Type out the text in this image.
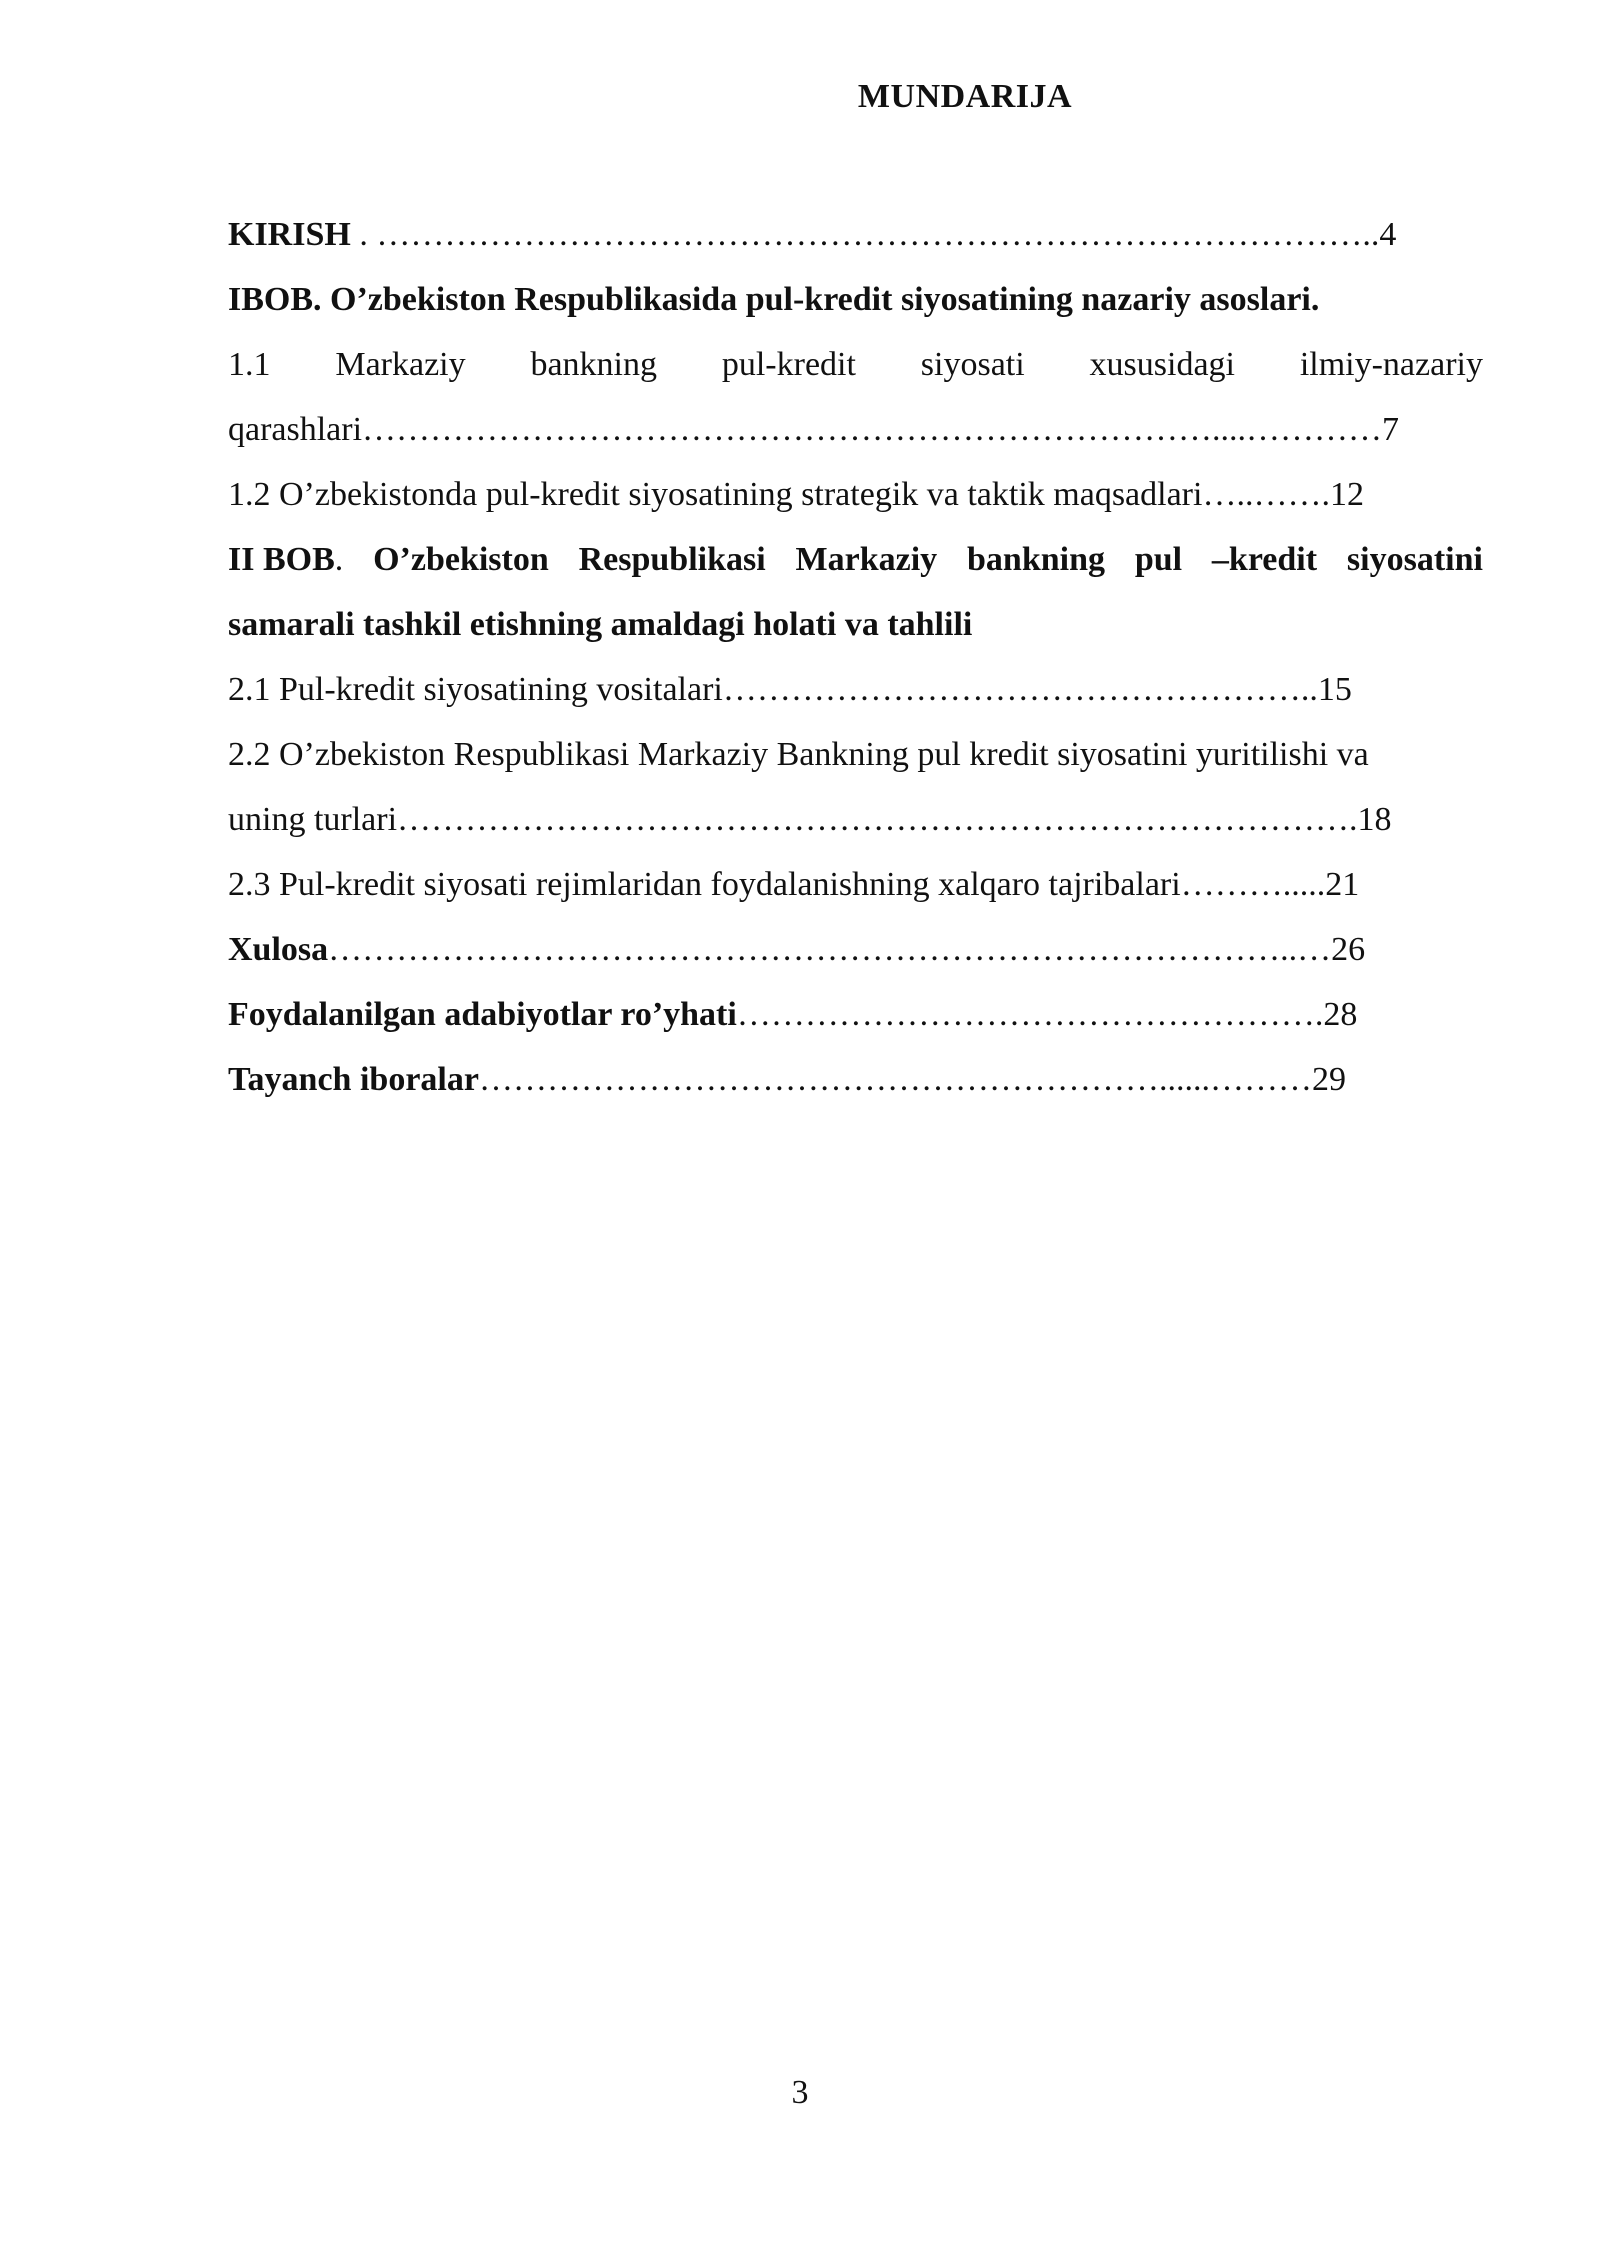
MUNDARIJA
KIRISH . ……………………………………………………………………………..4
IBOB. O’zbekiston Respublikasida pul-kredit siyosatining nazariy asoslari.
1.1 Markaziy bankning pul-kredit siyosati xususidagi ilmiy-nazariy
qarashlari…………………………………………………………………....…………7
1.2 O’zbekistonda pul-kredit siyosatining strategik va taktik maqsadlari…..…….12
II BOB. O’zbekiston Respublikasi Markaziy bankning pul –kredit siyosatini
samarali tashkil etishning amaldagi holati va tahlili
2.1 Pul-kredit siyosatining vositalari……………………………………………..15
2.2 O’zbekiston Respublikasi Markaziy Bankning pul kredit siyosatini yuritilishi va
uning turlari………………………………………………………………………….18
2.3 Pul-kredit siyosati rejimlaridan foydalanishning xalqaro tajribalari……….....21
Xulosa…………………………………………………………………………..…26
Foydalanilgan adabiyotlar ro’yhati…………………………………………….28
Tayanch iboralar……………………………………………………......………29
3
